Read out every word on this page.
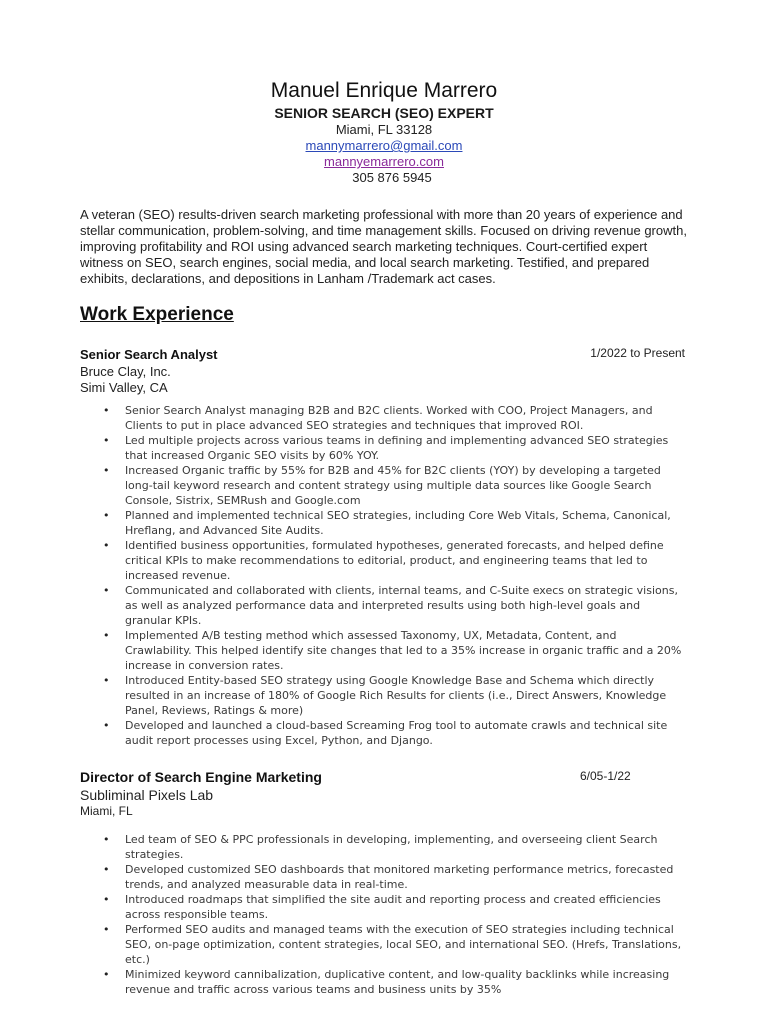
Manuel Enrique Marrero
SENIOR SEARCH (SEO) EXPERT
Miami, FL 33128
mannymarrero@gmail.com
mannyemarrero.com
305 876 5945
A veteran (SEO) results-driven search marketing professional with more than 20 years of experience and stellar communication, problem-solving, and time management skills. Focused on driving revenue growth, improving profitability and ROI using advanced search marketing techniques. Court-certified expert witness on SEO, search engines, social media, and local search marketing. Testified, and prepared exhibits, declarations, and depositions in Lanham /Trademark act cases.
Work Experience
Senior Search Analyst	1/2022 to Present
Bruce Clay, Inc.
Simi Valley, CA
• Senior Search Analyst managing B2B and B2C clients. Worked with COO, Project Managers, and Clients to put in place advanced SEO strategies and techniques that improved ROI.
• Led multiple projects across various teams in defining and implementing advanced SEO strategies that increased Organic SEO visits by 60% YOY.
• Increased Organic traffic by 55% for B2B and 45% for B2C clients (YOY) by developing a targeted long-tail keyword research and content strategy using multiple data sources like Google Search Console, Sistrix, SEMRush and Google.com
• Planned and implemented technical SEO strategies, including Core Web Vitals, Schema, Canonical, Hreflang, and Advanced Site Audits.
• Identified business opportunities, formulated hypotheses, generated forecasts, and helped define critical KPIs to make recommendations to editorial, product, and engineering teams that led to increased revenue.
• Communicated and collaborated with clients, internal teams, and C-Suite execs on strategic visions, as well as analyzed performance data and interpreted results using both high-level goals and granular KPIs.
• Implemented A/B testing method which assessed Taxonomy, UX, Metadata, Content, and Crawlability. This helped identify site changes that led to a 35% increase in organic traffic and a 20% increase in conversion rates.
• Introduced Entity-based SEO strategy using Google Knowledge Base and Schema which directly resulted in an increase of 180% of Google Rich Results for clients (i.e., Direct Answers, Knowledge Panel, Reviews, Ratings & more)
• Developed and launched a cloud-based Screaming Frog tool to automate crawls and technical site audit report processes using Excel, Python, and Django.
Director of Search Engine Marketing	6/05-1/22
Subliminal Pixels Lab
Miami, FL
• Led team of SEO & PPC professionals in developing, implementing, and overseeing client Search strategies.
• Developed customized SEO dashboards that monitored marketing performance metrics, forecasted trends, and analyzed measurable data in real-time.
• Introduced roadmaps that simplified the site audit and reporting process and created efficiencies across responsible teams.
• Performed SEO audits and managed teams with the execution of SEO strategies including technical SEO, on-page optimization, content strategies, local SEO, and international SEO. (Hrefs, Translations, etc.)
• Minimized keyword cannibalization, duplicative content, and low-quality backlinks while increasing revenue and traffic across various teams and business units by 35%
